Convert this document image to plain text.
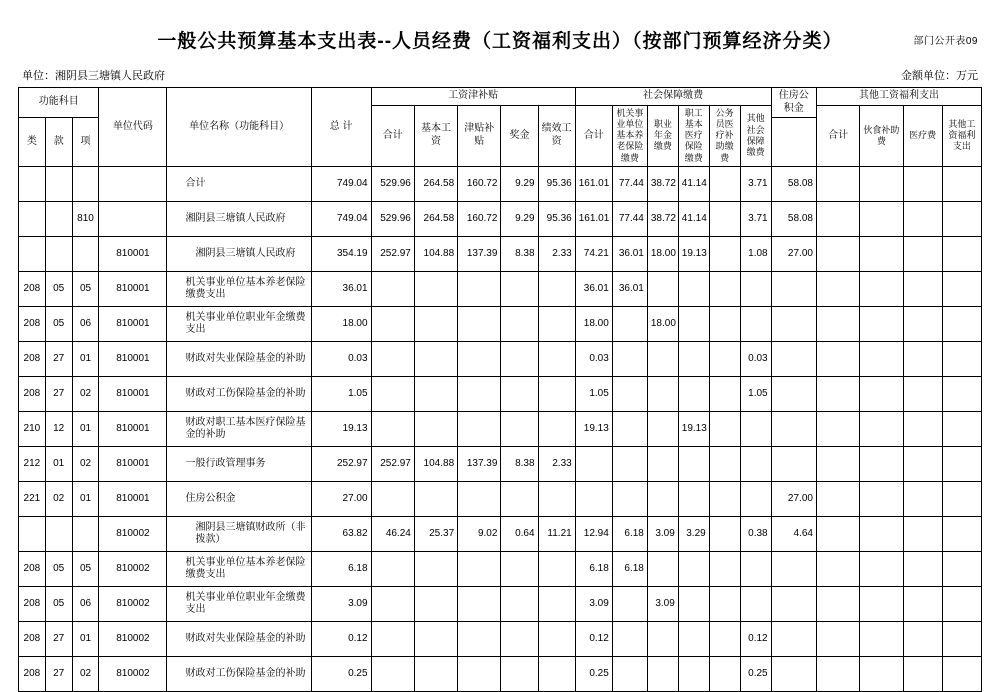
部门公开表09
一般公共预算基本支出表--人员经费（工资福利支出）（按部门预算经济分类）
单位：湘阴县三塘镇人民政府	金额单位：万元
功能科目			单位代码	单位名称（功能科目）	总 计	工资津补贴					社会保障缴费						住房公积金	其他工资福利支出			
						合计	基本工资	津贴补贴	奖金	绩效工资	合计	机关事业单位基本养老保险缴费	职业年金缴费	职工基本医疗保险缴费	公务员医疗补助缴费	其他社会保障缴费		合计	伙食补助费	医疗费	其他工资福利支出
类	款	项																			
				合计	749.04	529.96	264.58	160.72	9.29	95.36	161.01	77.44	38.72	41.14		3.71	58.08				
		810		湘阴县三塘镇人民政府	749.04	529.96	264.58	160.72	9.29	95.36	161.01	77.44	38.72	41.14		3.71	58.08				
			810001	湘阴县三塘镇人民政府	354.19	252.97	104.88	137.39	8.38	2.33	74.21	36.01	18.00	19.13		1.08	27.00				
208	05	05	810001	机关事业单位基本养老保险缴费支出	36.01						36.01	36.01									
208	05	06	810001	机关事业单位职业年金缴费支出	18.00						18.00		18.00								
208	27	01	810001	财政对失业保险基金的补助	0.03						0.03					0.03					
208	27	02	810001	财政对工伤保险基金的补助	1.05						1.05					1.05					
210	12	01	810001	财政对职工基本医疗保险基金的补助	19.13						19.13			19.13							
212	01	02	810001	一般行政管理事务	252.97	252.97	104.88	137.39	8.38	2.33											
221	02	01	810001	住房公积金	27.00												27.00				
			810002	湘阴县三塘镇财政所（非拨款）	63.82	46.24	25.37	9.02	0.64	11.21	12.94	6.18	3.09	3.29		0.38	4.64				
208	05	05	810002	机关事业单位基本养老保险缴费支出	6.18						6.18	6.18									
208	05	06	810002	机关事业单位职业年金缴费支出	3.09						3.09		3.09								
208	27	01	810002	财政对失业保险基金的补助	0.12						0.12					0.12					
208	27	02	810002	财政对工伤保险基金的补助	0.25						0.25					0.25					
